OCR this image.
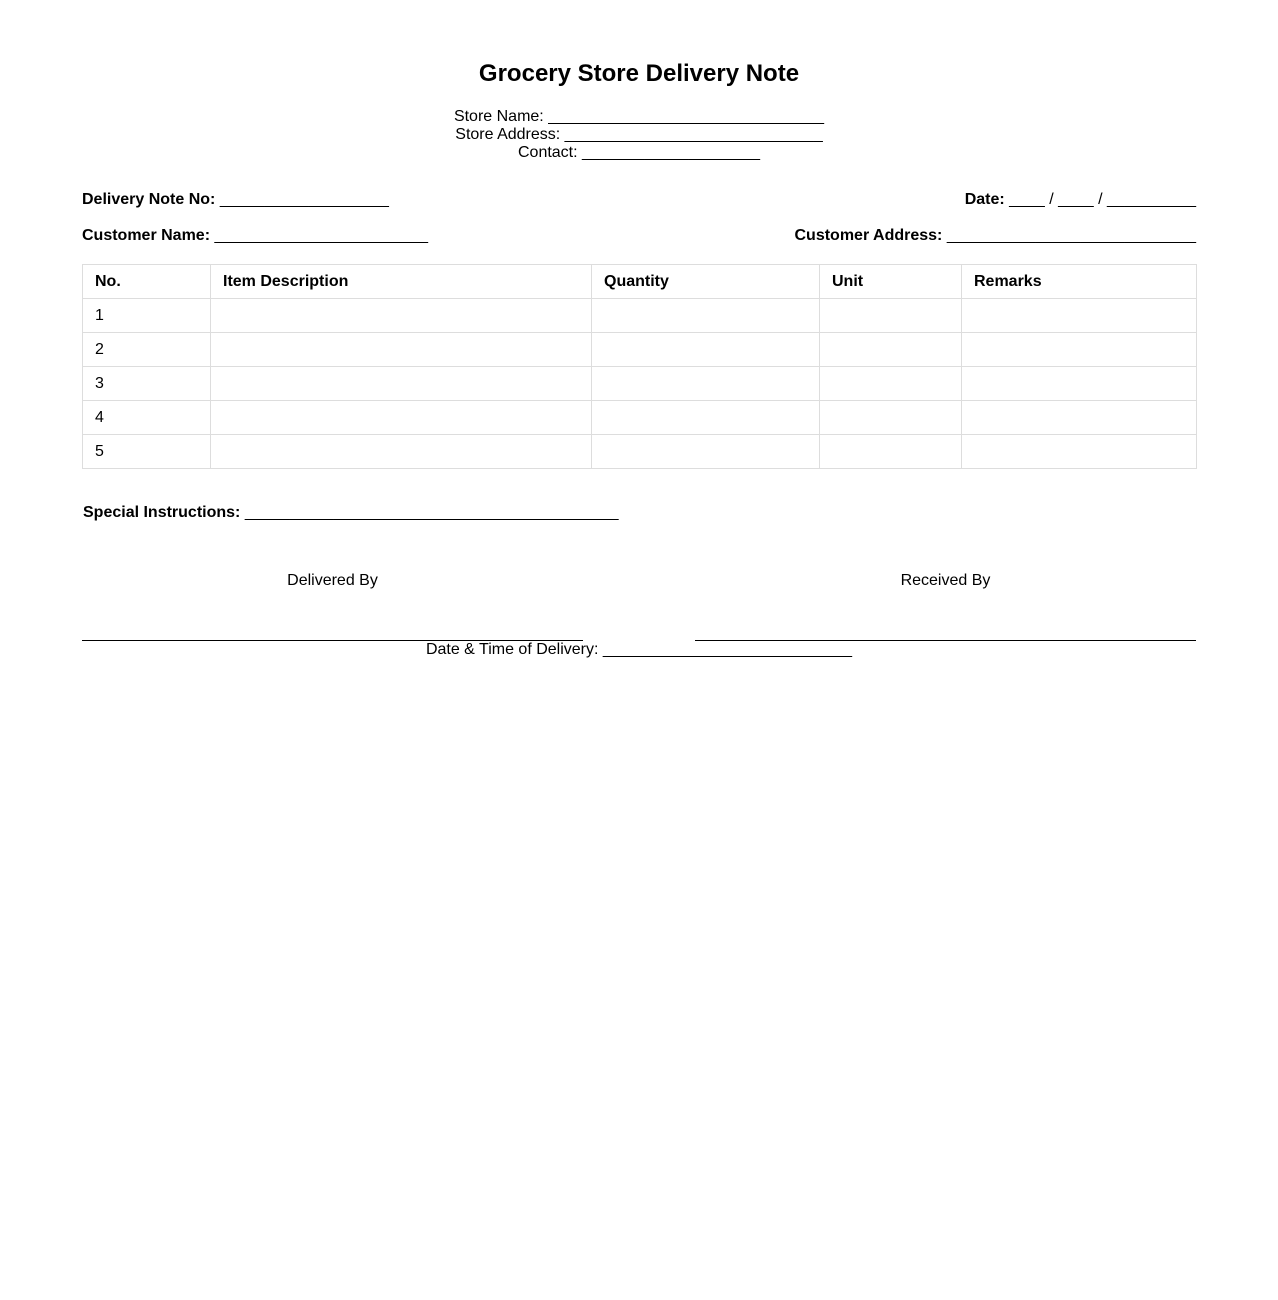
Grocery Store Delivery Note
Store Name: _______________________________
Store Address: _____________________________
Contact: ____________________
Delivery Note No: ___________________	Date: ____ / ____ / __________
Customer Name: ________________________	Customer Address: ____________________________
No.	Item Description	Quantity	Unit	Remarks
1				
2				
3				
4				
5				
Special Instructions: __________________________________________
Delivered By	Received By
Date & Time of Delivery: ____________________________
